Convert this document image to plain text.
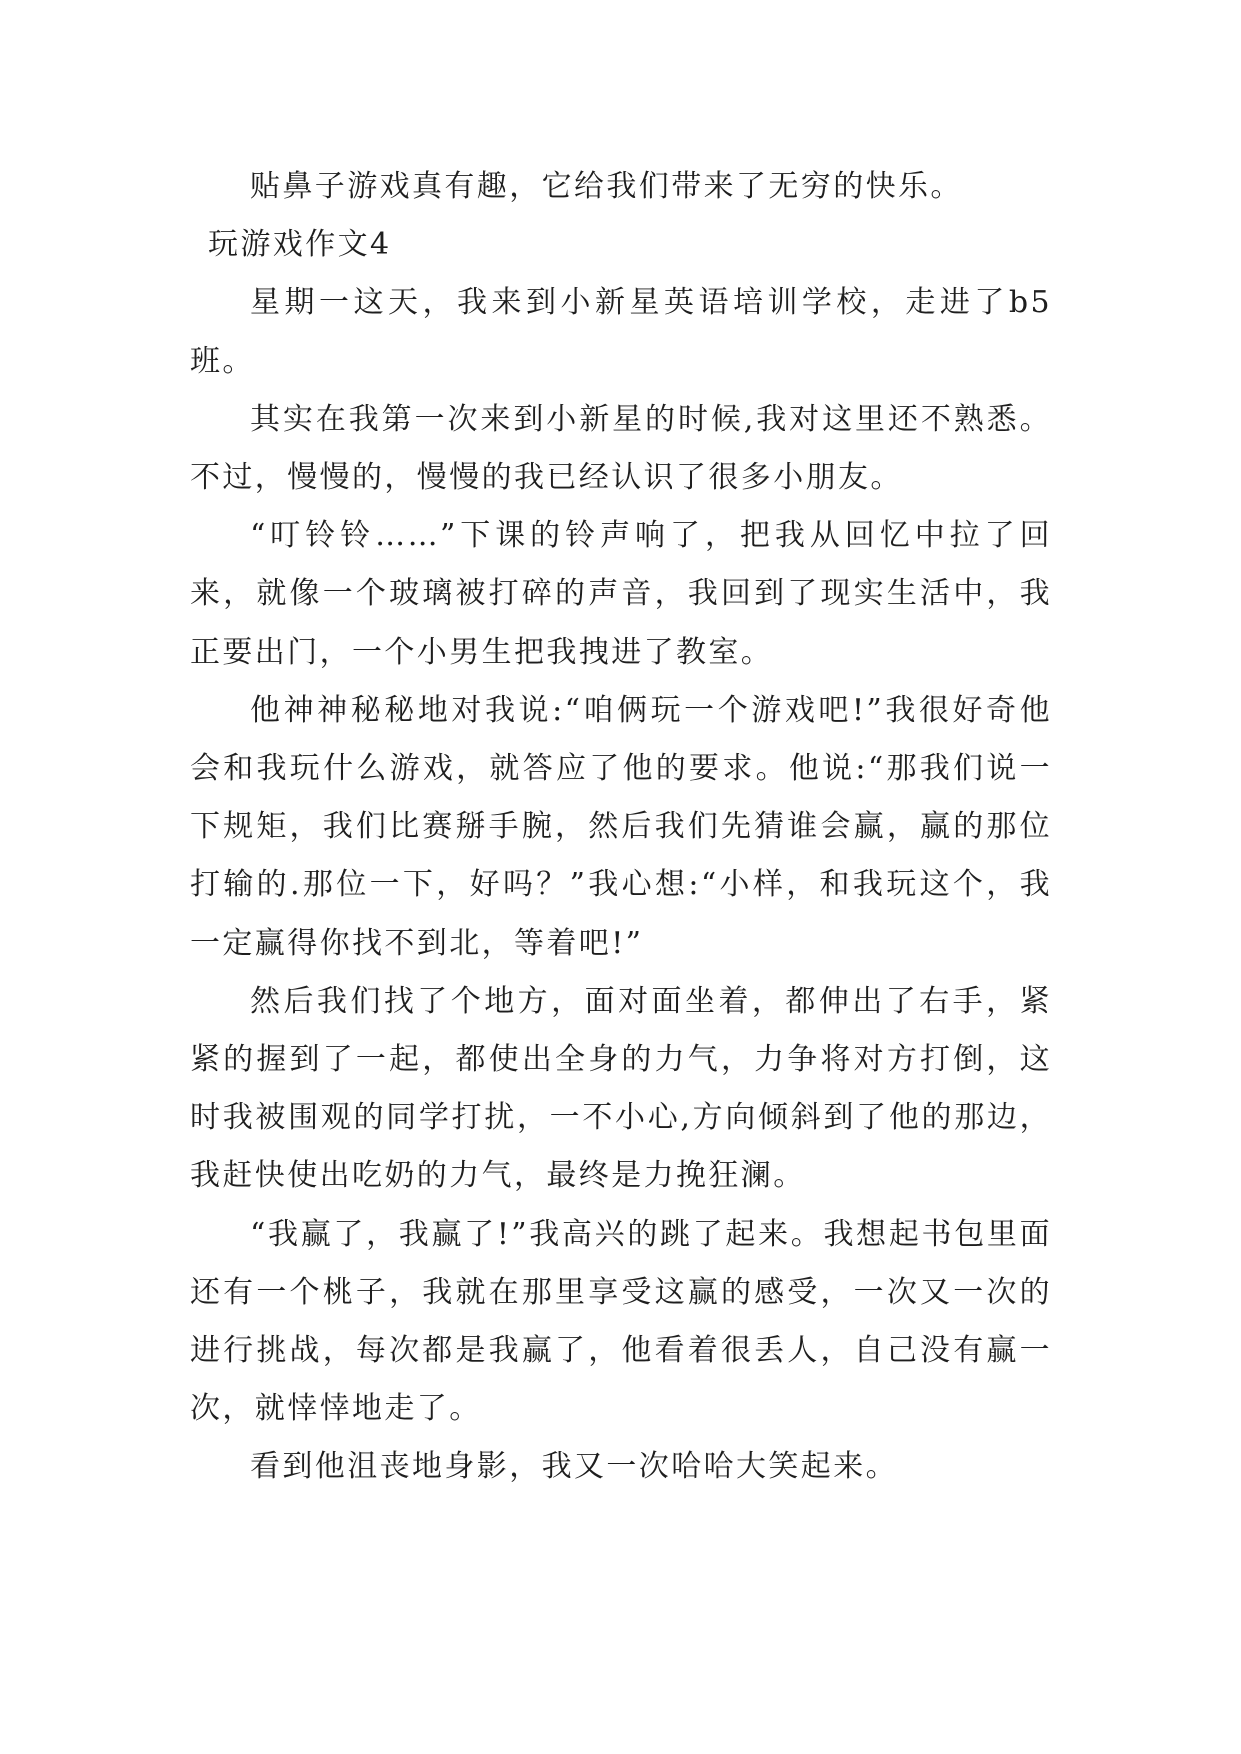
贴鼻子游戏真有趣，它给我们带来了无穷的快乐。

玩游戏作文4

星期一这天，我来到小新星英语培训学校，走进了b5班。

其实在我第一次来到小新星的时候,我对这里还不熟悉。不过，慢慢的，慢慢的我已经认识了很多小朋友。

“叮铃铃……”下课的铃声响了，把我从回忆中拉了回来，就像一个玻璃被打碎的声音，我回到了现实生活中，我正要出门，一个小男生把我拽进了教室。

他神神秘秘地对我说:“咱俩玩一个游戏吧!”我很好奇他会和我玩什么游戏，就答应了他的要求。他说:“那我们说一下规矩，我们比赛掰手腕，然后我们先猜谁会赢，赢的那位打输的.那位一下，好吗？”我心想:“小样，和我玩这个，我一定赢得你找不到北，等着吧!”

然后我们找了个地方，面对面坐着，都伸出了右手，紧紧的握到了一起，都使出全身的力气，力争将对方打倒，这时我被围观的同学打扰，一不小心,方向倾斜到了他的那边，我赶快使出吃奶的力气，最终是力挽狂澜。

“我赢了，我赢了!”我高兴的跳了起来。我想起书包里面还有一个桃子，我就在那里享受这赢的感受，一次又一次的进行挑战，每次都是我赢了，他看着很丢人，自己没有赢一次，就悻悻地走了。

看到他沮丧地身影，我又一次哈哈大笑起来。
